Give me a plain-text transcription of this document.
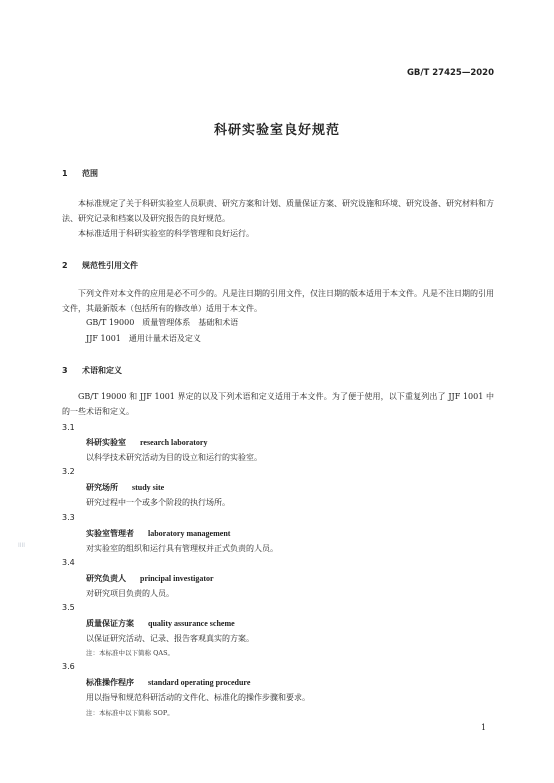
GB/T 27425—2020
科研实验室良好规范
IIII
1 范围
本标准规定了关于科研实验室人员职责、研究方案和计划、质量保证方案、研究设施和环境、研究设备、研究材料和方法、研究记录和档案以及研究报告的良好规范。
本标准适用于科研实验室的科学管理和良好运行。
2 规范性引用文件
下列文件对本文件的应用是必不可少的。凡是注日期的引用文件，仅注日期的版本适用于本文件。凡是不注日期的引用文件，其最新版本（包括所有的修改单）适用于本文件。
GB/T 19000　质量管理体系　基础和术语
JJF 1001　通用计量术语及定义
3 术语和定义
GB/T 19000 和 JJF 1001 界定的以及下列术语和定义适用于本文件。为了便于使用，以下重复列出了 JJF 1001 中的一些术语和定义。
3.1
科研实验室 research laboratory
以科学技术研究活动为目的设立和运行的实验室。
3.2
研究场所 study site
研究过程中一个或多个阶段的执行场所。
3.3
实验室管理者 laboratory management
对实验室的组织和运行具有管理权并正式负责的人员。
3.4
研究负责人 principal investigator
对研究项目负责的人员。
3.5
质量保证方案 quality assurance scheme
以保证研究活动、记录、报告客观真实的方案。
注：本标准中以下简称 QAS。
3.6
标准操作程序 standard operating procedure
用以指导和规范科研活动的文件化、标准化的操作步骤和要求。
注：本标准中以下简称 SOP。
1
